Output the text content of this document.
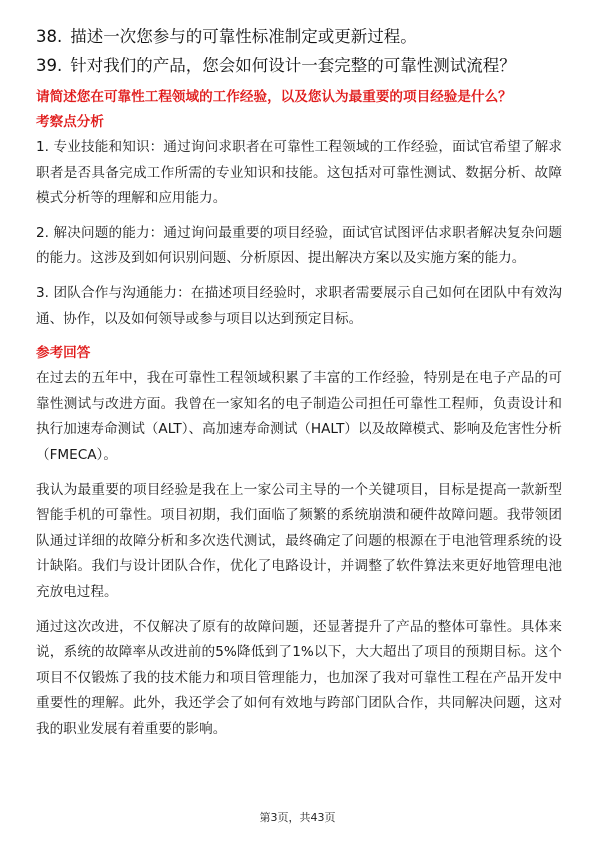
38. 描述一次您参与的可靠性标准制定或更新过程。
39. 针对我们的产品，您会如何设计一套完整的可靠性测试流程？
请简述您在可靠性工程领域的工作经验，以及您认为最重要的项目经验是什么？
考察点分析

1. 专业技能和知识：通过询问求职者在可靠性工程领域的工作经验，面试官希望了解求职者是否具备完成工作所需的专业知识和技能。这包括对可靠性测试、数据分析、故障模式分析等的理解和应用能力。

2. 解决问题的能力：通过询问最重要的项目经验，面试官试图评估求职者解决复杂问题的能力。这涉及到如何识别问题、分析原因、提出解决方案以及实施方案的能力。

3. 团队合作与沟通能力：在描述项目经验时，求职者需要展示自己如何在团队中有效沟通、协作，以及如何领导或参与项目以达到预定目标。

参考回答

在过去的五年中，我在可靠性工程领域积累了丰富的工作经验，特别是在电子产品的可靠性测试与改进方面。我曾在一家知名的电子制造公司担任可靠性工程师，负责设计和执行加速寿命测试（ALT）、高加速寿命测试（HALT）以及故障模式、影响及危害性分析（FMECA）。

我认为最重要的项目经验是我在上一家公司主导的一个关键项目，目标是提高一款新型智能手机的可靠性。项目初期，我们面临了频繁的系统崩溃和硬件故障问题。我带领团队通过详细的故障分析和多次迭代测试，最终确定了问题的根源在于电池管理系统的设计缺陷。我们与设计团队合作，优化了电路设计，并调整了软件算法来更好地管理电池充放电过程。

通过这次改进，不仅解决了原有的故障问题，还显著提升了产品的整体可靠性。具体来说，系统的故障率从改进前的5%降低到了1%以下，大大超出了项目的预期目标。这个项目不仅锻炼了我的技术能力和项目管理能力，也加深了我对可靠性工程在产品开发中重要性的理解。此外，我还学会了如何有效地与跨部门团队合作，共同解决问题，这对我的职业发展有着重要的影响。

第3页，共43页
